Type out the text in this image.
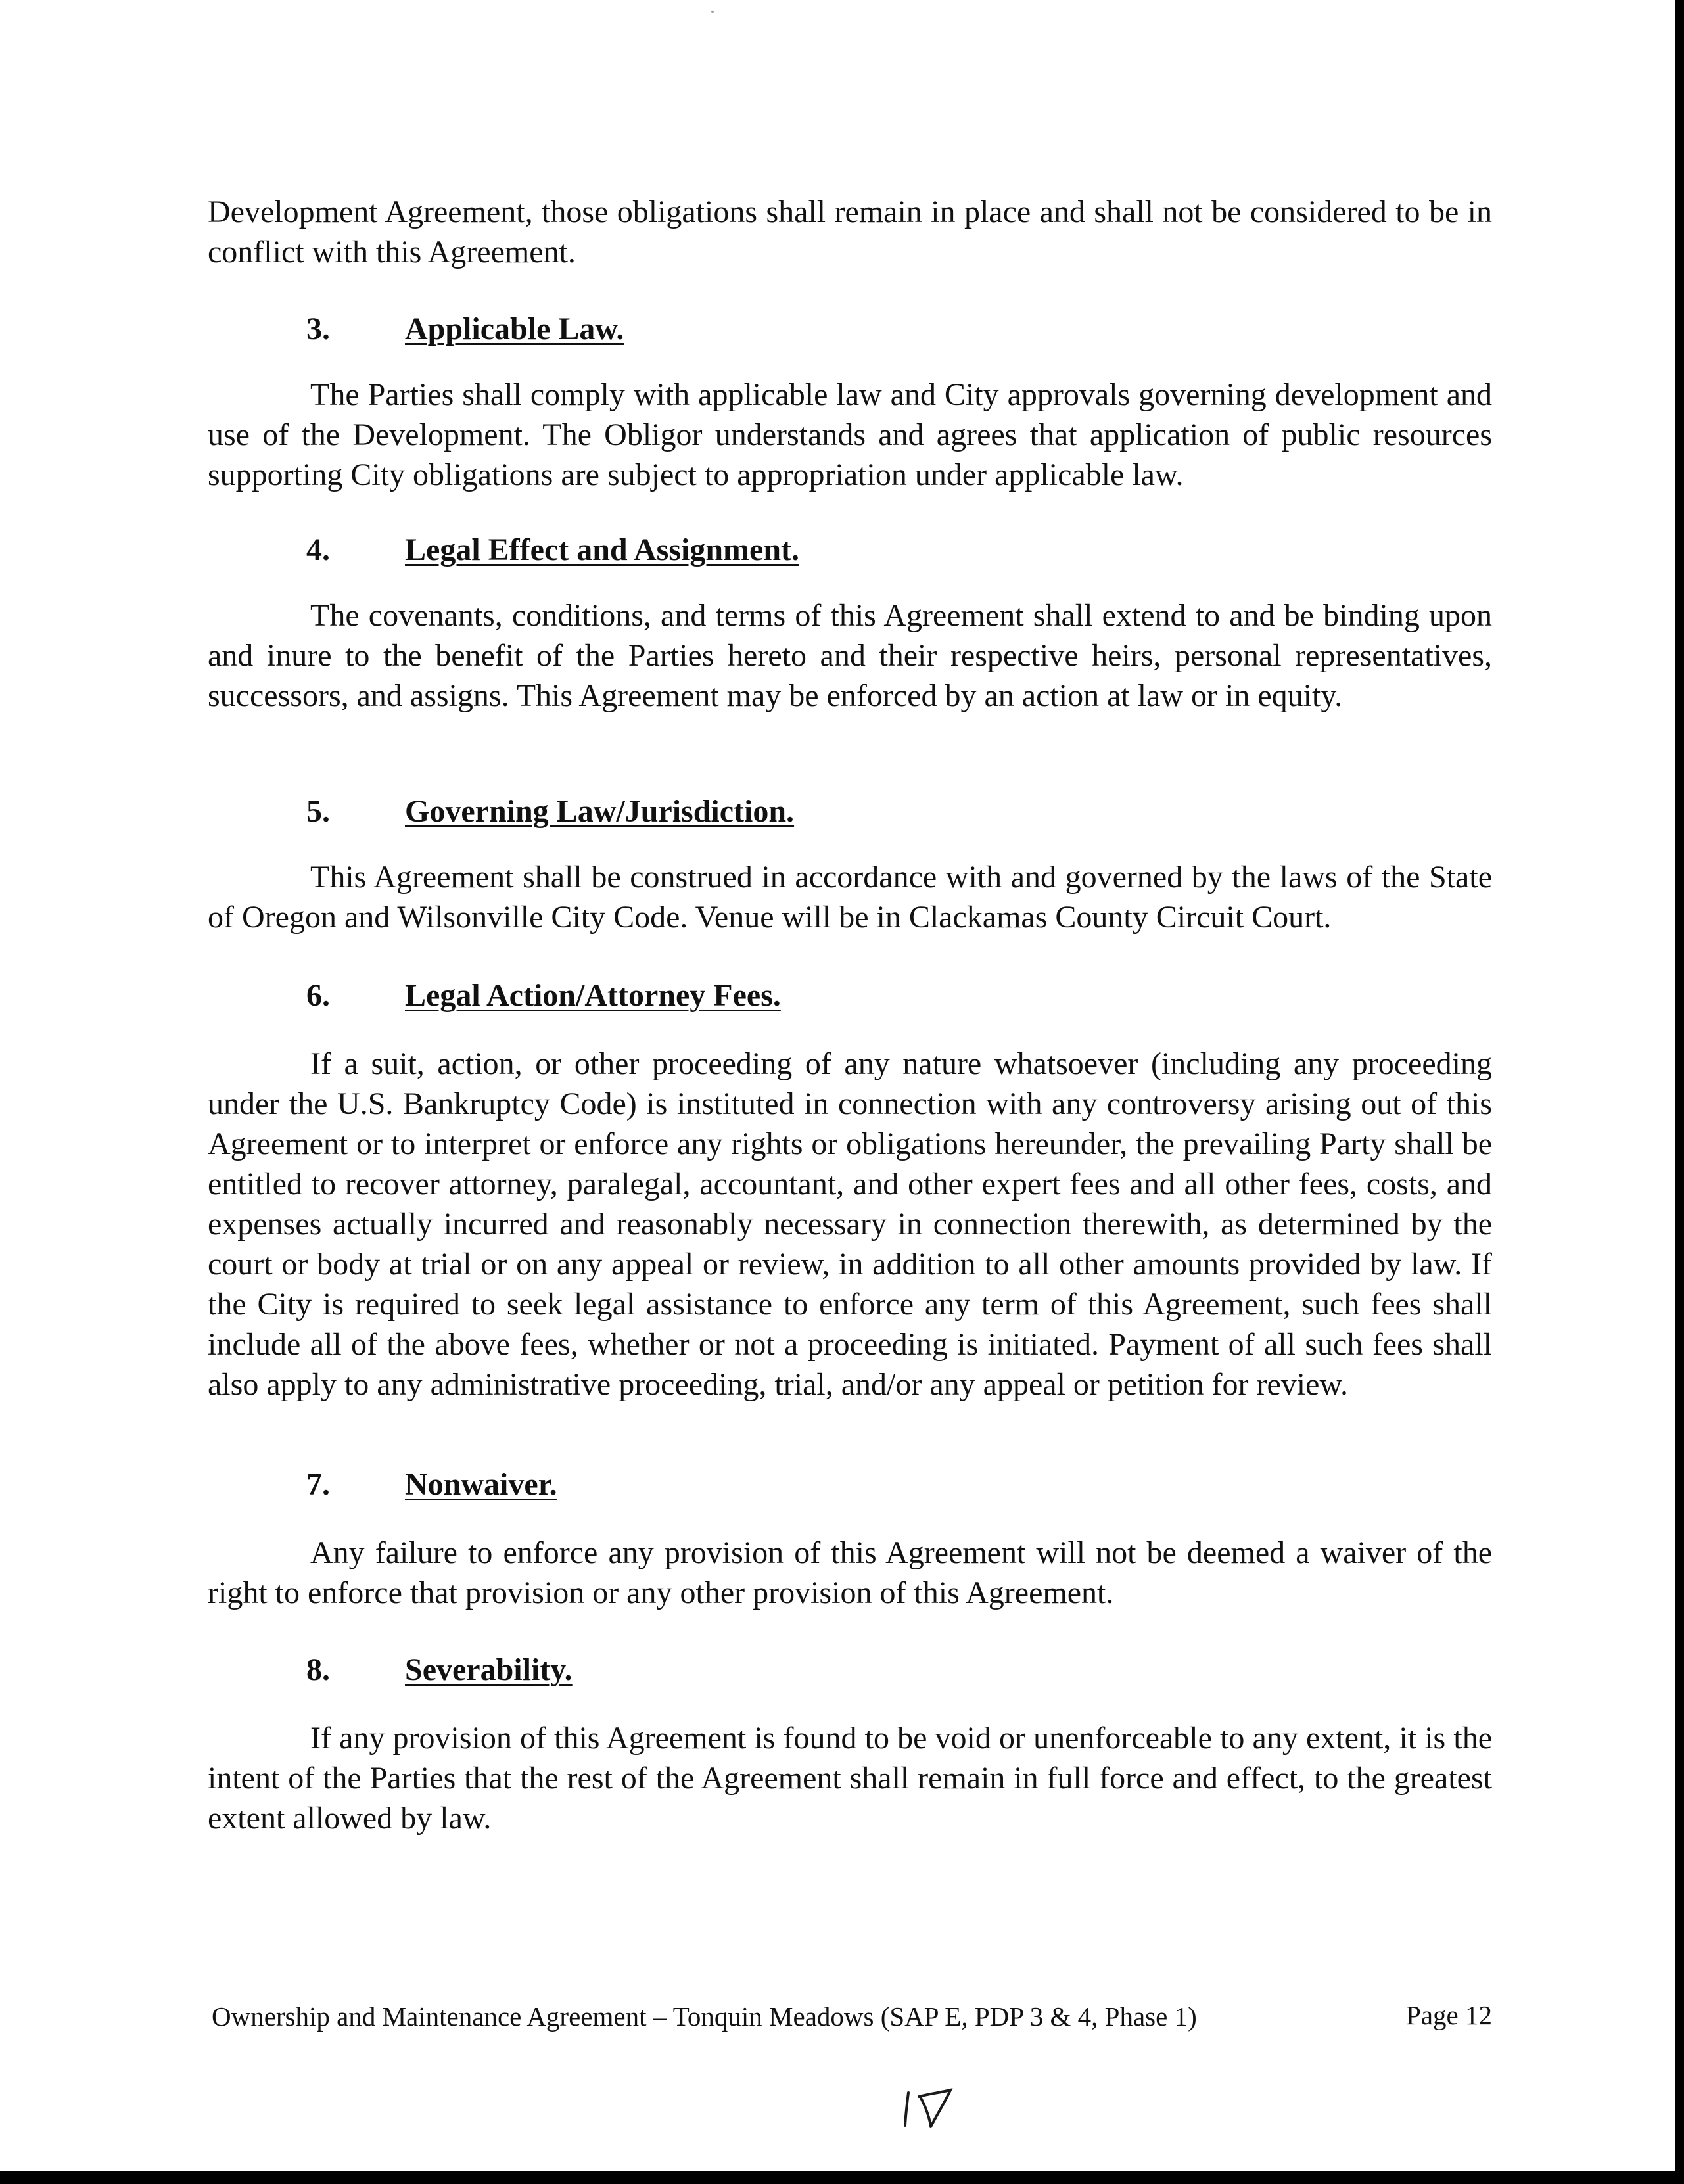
Development Agreement, those obligations shall remain in place and shall not be considered to be in conflict with this Agreement.

3. Applicable Law.

The Parties shall comply with applicable law and City approvals governing development and use of the Development. The Obligor understands and agrees that application of public resources supporting City obligations are subject to appropriation under applicable law.

4. Legal Effect and Assignment.

The covenants, conditions, and terms of this Agreement shall extend to and be binding upon and inure to the benefit of the Parties hereto and their respective heirs, personal representatives, successors, and assigns. This Agreement may be enforced by an action at law or in equity.

5. Governing Law/Jurisdiction.

This Agreement shall be construed in accordance with and governed by the laws of the State of Oregon and Wilsonville City Code. Venue will be in Clackamas County Circuit Court.

6. Legal Action/Attorney Fees.

If a suit, action, or other proceeding of any nature whatsoever (including any proceeding under the U.S. Bankruptcy Code) is instituted in connection with any controversy arising out of this Agreement or to interpret or enforce any rights or obligations hereunder, the prevailing Party shall be entitled to recover attorney, paralegal, accountant, and other expert fees and all other fees, costs, and expenses actually incurred and reasonably necessary in connection therewith, as determined by the court or body at trial or on any appeal or review, in addition to all other amounts provided by law. If the City is required to seek legal assistance to enforce any term of this Agreement, such fees shall include all of the above fees, whether or not a proceeding is initiated. Payment of all such fees shall also apply to any administrative proceeding, trial, and/or any appeal or petition for review.

7. Nonwaiver.

Any failure to enforce any provision of this Agreement will not be deemed a waiver of the right to enforce that provision or any other provision of this Agreement.

8. Severability.

If any provision of this Agreement is found to be void or unenforceable to any extent, it is the intent of the Parties that the rest of the Agreement shall remain in full force and effect, to the greatest extent allowed by law.

Ownership and Maintenance Agreement – Tonquin Meadows (SAP E, PDP 3 & 4, Phase 1)	Page 12
